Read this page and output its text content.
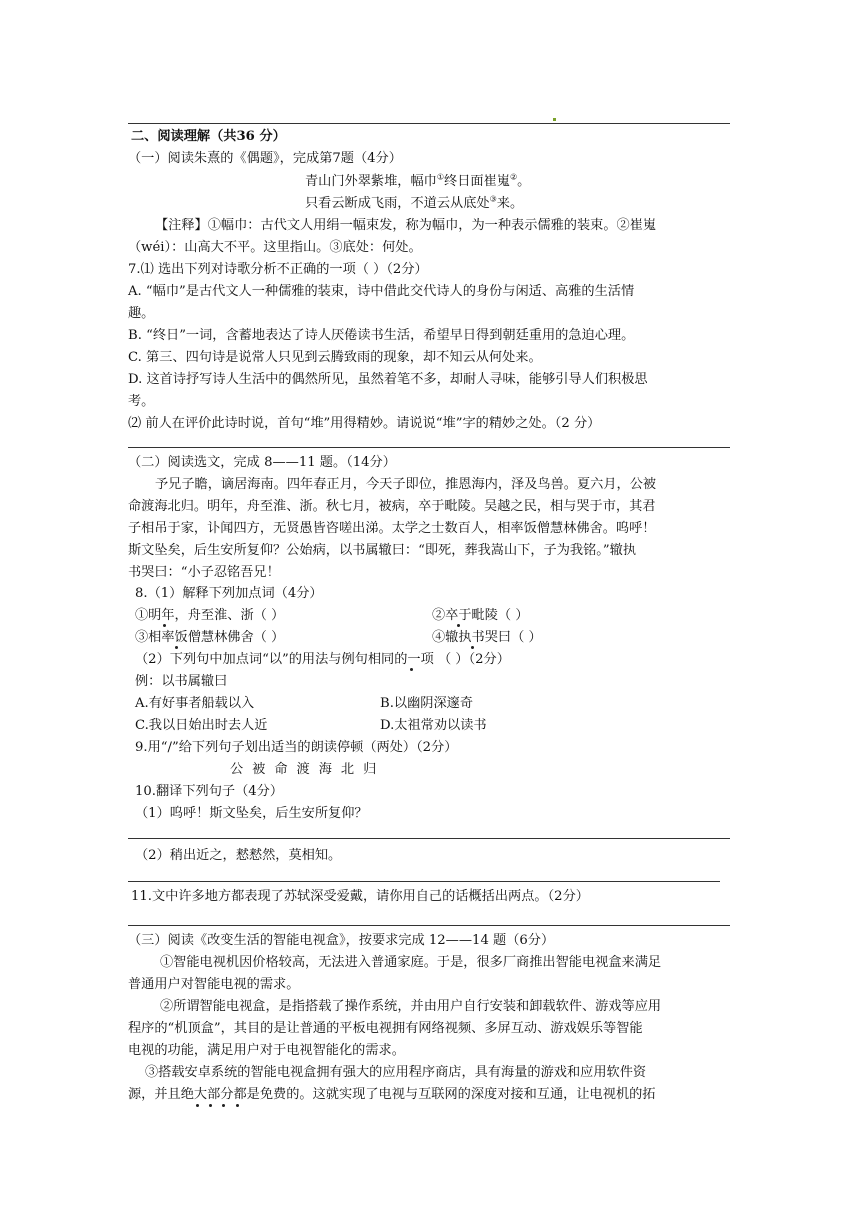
二、阅读理解（共36 分）
（一）阅读朱熹的《偶题》，完成第7题（4分）
青山门外翠紫堆，幅巾①终日面崔嵬②。
只看云断成飞雨，不道云从底处③来。
【注释】①幅巾：古代文人用绢一幅束发，称为幅巾，为一种表示儒雅的装束。②崔嵬
（wéi）：山高大不平。这里指山。③底处：何处。
7.⑴ 选出下列对诗歌分析不正确的一项（ ）（2分）
A. “幅巾”是古代文人一种儒雅的装束，诗中借此交代诗人的身份与闲适、高雅的生活情
趣。
B. “终日”一词，含蓄地表达了诗人厌倦读书生活，希望早日得到朝廷重用的急迫心理。
C. 第三、四句诗是说常人只见到云腾致雨的现象，却不知云从何处来。
D. 这首诗抒写诗人生活中的偶然所见，虽然着笔不多，却耐人寻味，能够引导人们积极思
考。
⑵ 前人在评价此诗时说，首句“堆”用得精妙。请说说“堆”字的精妙之处。（2 分）
（二）阅读选文，完成 8——11 题。（14分）
予兄子瞻，谪居海南。四年春正月，今天子即位，推恩海内，泽及鸟兽。夏六月，公被
命渡海北归。明年，舟至淮、浙。秋七月，被病，卒于毗陵。吴越之民，相与哭于市，其君
子相吊于家，讣闻四方，无贤愚皆咨嗟出涕。太学之士数百人，相率饭僧慧林佛舍。呜呼！
斯文坠矣，后生安所复仰？公始病，以书属辙曰：“即死，葬我嵩山下，子为我铭。”辙执
书哭曰：“小子忍铭吾兄！
8.（1）解释下列加点词（4分）
①明年，舟至淮、浙（ ）	②卒于毗陵（ ）
③相率饭僧慧林佛舍（ ）	④辙执书哭曰（ ）
（2）下列句中加点词“以”的用法与例句相同的一项 （ ）（2分）
例：以书属辙曰
A.有好事者船载以入	B.以幽阴深邃奇
C.我以日始出时去人近	D.太祖常劝以读书
9.用“/”给下列句子划出适当的朗读停顿（两处）（2分）
公被命渡海北归
10.翻译下列句子（4分）
（1）呜呼！斯文坠矣，后生安所复仰？
（2）稍出近之，慭慭然，莫相知。
11.文中许多地方都表现了苏轼深受爱戴，请你用自己的话概括出两点。（2分）
（三）阅读《改变生活的智能电视盒》，按要求完成 12——14 题（6分）
①智能电视机因价格较高，无法进入普通家庭。于是，很多厂商推出智能电视盒来满足
普通用户对智能电视的需求。
②所谓智能电视盒，是指搭载了操作系统，并由用户自行安装和卸载软件、游戏等应用
程序的“机顶盒”，其目的是让普通的平板电视拥有网络视频、多屏互动、游戏娱乐等智能
电视的功能，满足用户对于电视智能化的需求。
③搭载安卓系统的智能电视盒拥有强大的应用程序商店，具有海量的游戏和应用软件资
源，并且绝大部分都是免费的。这就实现了电视与互联网的深度对接和互通，让电视机的拓
